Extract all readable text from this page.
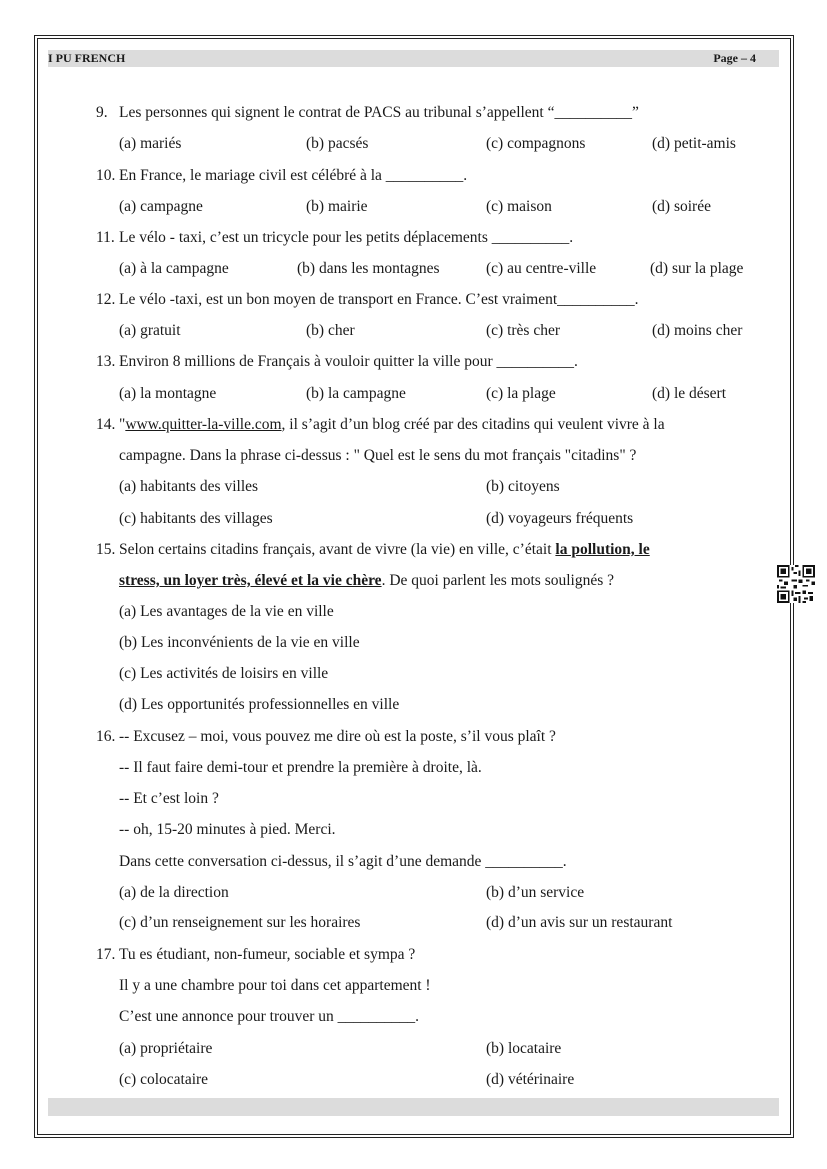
I PU FRENCH	Page – 4
9. Les personnes qui signent le contrat de PACS au tribunal s’appellent “__________”
(a) mariés	(b) pacsés	(c) compagnons	(d) petit-amis
10. En France, le mariage civil est célébré à la __________.
(a) campagne	(b) mairie	(c) maison	(d) soirée
11. Le vélo - taxi, c’est un tricycle pour les petits déplacements __________.
(a) à la campagne	(b) dans les montagnes	(c) au centre-ville	(d) sur la plage
12. Le vélo -taxi, est un bon moyen de transport en France. C’est vraiment__________.
(a) gratuit	(b) cher	(c) très cher	(d) moins cher
13. Environ 8 millions de Français à vouloir quitter la ville pour __________.
(a) la montagne	(b) la campagne	(c) la plage	(d) le désert
14. "www.quitter-la-ville.com, il s’agit d’un blog créé par des citadins qui veulent vivre à la
campagne. Dans la phrase ci-dessus : " Quel est le sens du mot français "citadins" ?
(a) habitants des villes	(b) citoyens
(c) habitants des villages	(d) voyageurs fréquents
15. Selon certains citadins français, avant de vivre (la vie) en ville, c’était la pollution, le
stress, un loyer très, élevé et la vie chère. De quoi parlent les mots soulignés ?
(a) Les avantages de la vie en ville
(b) Les inconvénients de la vie en ville
(c) Les activités de loisirs en ville
(d) Les opportunités professionnelles en ville
16. -- Excusez – moi, vous pouvez me dire où est la poste, s’il vous plaît ?
-- Il faut faire demi-tour et prendre la première à droite, là.
-- Et c’est loin ?
-- oh, 15-20 minutes à pied. Merci.
Dans cette conversation ci-dessus, il s’agit d’une demande __________.
(a) de la direction	(b) d’un service
(c) d’un renseignement sur les horaires	(d) d’un avis sur un restaurant
17. Tu es étudiant, non-fumeur, sociable et sympa ?
Il y a une chambre pour toi dans cet appartement !
C’est une annonce pour trouver un __________.
(a) propriétaire	(b) locataire
(c) colocataire	(d) vétérinaire
